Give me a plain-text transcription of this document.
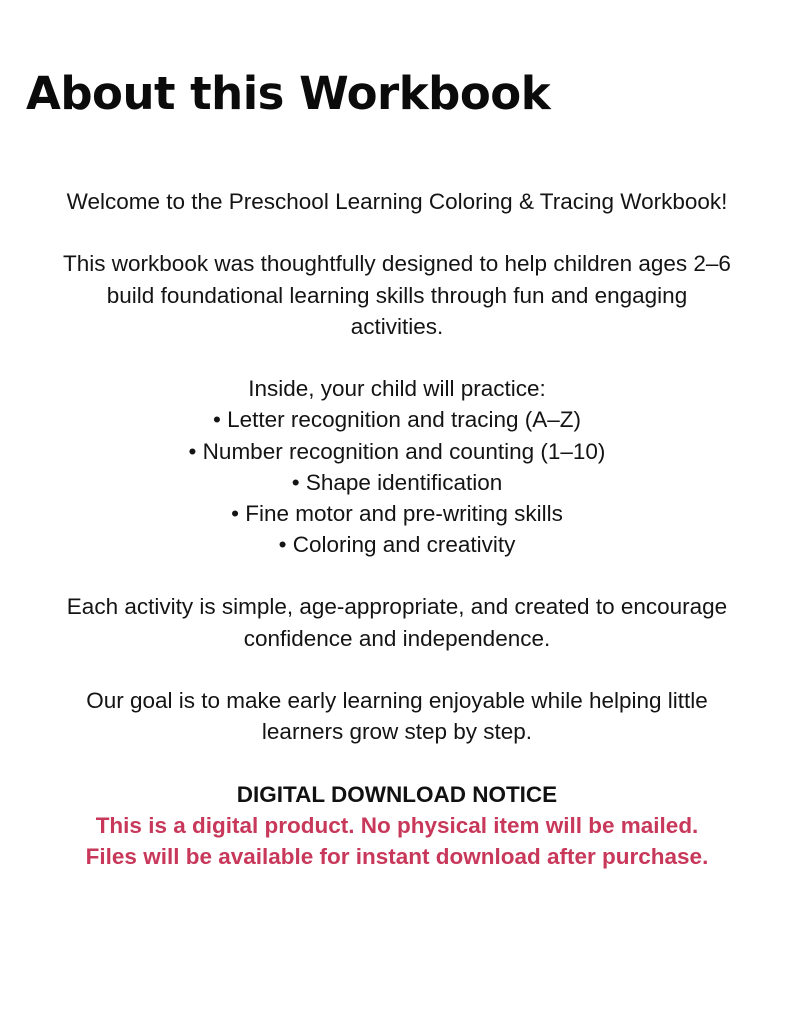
About this Workbook
Welcome to the Preschool Learning Coloring & Tracing Workbook!
This workbook was thoughtfully designed to help children ages 2–6
build foundational learning skills through fun and engaging
activities.
Inside, your child will practice:
• Letter recognition and tracing (A–Z)
• Number recognition and counting (1–10)
• Shape identification
• Fine motor and pre-writing skills
• Coloring and creativity
Each activity is simple, age-appropriate, and created to encourage
confidence and independence.
Our goal is to make early learning enjoyable while helping little
learners grow step by step.
DIGITAL DOWNLOAD NOTICE
This is a digital product. No physical item will be mailed.
Files will be available for instant download after purchase.
